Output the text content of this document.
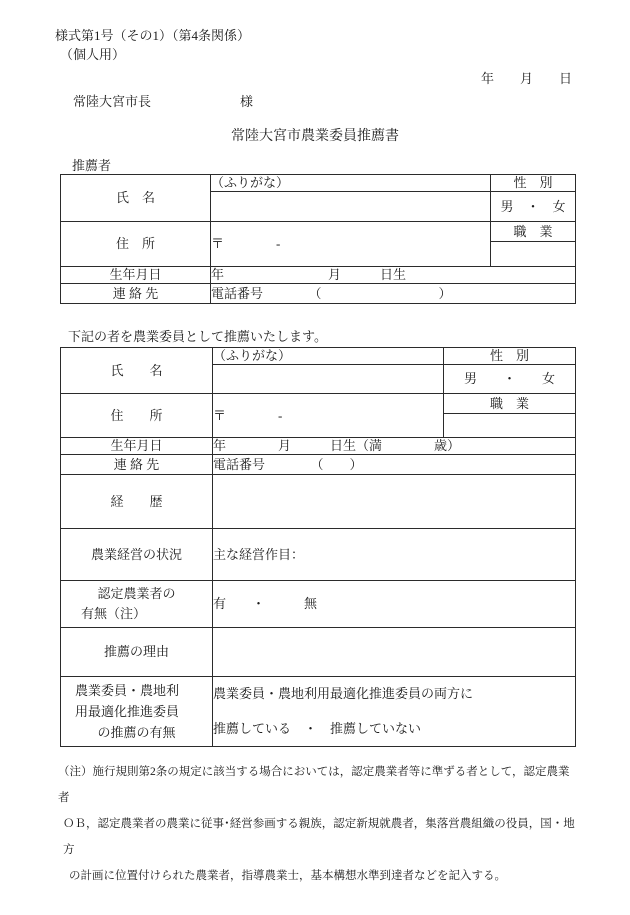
様式第1号（その1）（第4条関係）
（個人用）
年　　月　　日
常陸大宮市長	様
常陸大宮市農業委員推薦書
推薦者
氏　名	（ふりがな）	性　別
		男　・　女
住　所	〒　　　　-	職　業

生年月日	年　　　　　　　　月　　　日生	
連 絡 先	電話番号　　　　（　　　　　　　　　）	
下記の者を農業委員として推薦いたします。
氏　　名	（ふりがな）	性　別
		男　　・　　女
住　　所	〒　　　　-	職　業

生年月日	年　　　　月　　　日生（満　　　　歳）	
連 絡 先	電話番号　　　　（　　）	
経　　歴		
農業経営の状況	主な経営作目：	

認定農業者の
有無（注）	有　　・　　　無	
推薦の理由		

農業委員・農地利
用最適化推進委員
の推薦の有無

農業委員・農地利用最適化推進委員の両方に
推薦している　・　推薦していない
（注）施行規則第2条の規定に該当する場合においては，認定農業者等に準ずる者として，認定農業者
ＯＢ，認定農業者の農業に従事･経営参画する親族，認定新規就農者，集落営農組織の役員，国・地方
の計画に位置付けられた農業者，指導農業士，基本構想水準到達者などを記入する。
